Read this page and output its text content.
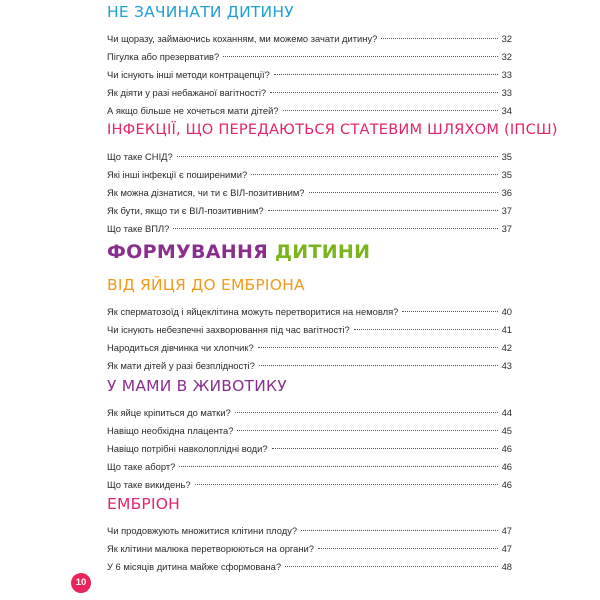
НЕ ЗАЧИНАТИ ДИТИНУ
Чи щоразу, займаючись коханням, ми можемо зачати дитину?	32
Пігулка або презерватив?	32
Чи існують інші методи контрацепції?	33
Як діяти у разі небажаної вагітності?	33
А якщо більше не хочеться мати дітей?	34
ІНФЕКЦІЇ, ЩО ПЕРЕДАЮТЬСЯ СТАТЕВИМ ШЛЯХОМ (ІПСШ)
Що таке СНІД?	35
Які інші інфекції є поширеними?	35
Як можна дізнатися, чи ти є ВІЛ-позитивним?	36
Як бути, якщо ти є ВІЛ-позитивним?	37
Що таке ВПЛ?	37
ФОРМУВАННЯ ДИТИНИ
ВІД ЯЙЦЯ ДО ЕМБРІОНА
Як сперматозоїд і яйцеклітина можуть перетворитися на немовля?	40
Чи існують небезпечні захворювання під час вагітності?	41
Народиться дівчинка чи хлопчик?	42
Як мати дітей у разі безплідності?	43
У МАМИ В ЖИВОТИКУ
Як яйце кріпиться до матки?	44
Навіщо необхідна плацента?	45
Навіщо потрібні навколоплідні води?	46
Що таке аборт?	46
Що таке викидень?	46
ЕМБРІОН
Чи продовжують множитися клітини плоду?	47
Як клітини малюка перетворюються на органи?	47
У 6 місяців дитина майже сформована?	48
10
